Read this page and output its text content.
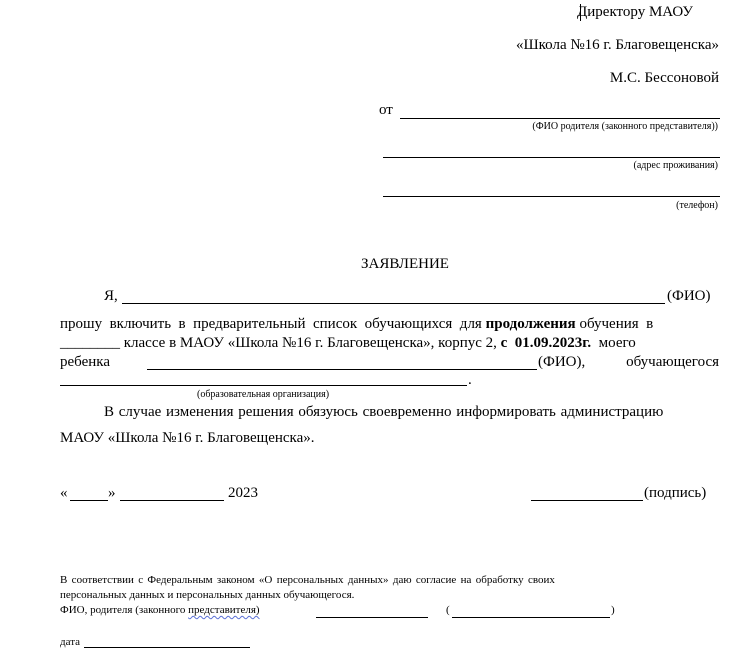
Директору МАОУ
«Школа №16 г. Благовещенска»
М.С. Бессоновой
от
(ФИО родителя (законного представителя))
(адрес проживания)
(телефон)
ЗАЯВЛЕНИЕ
Я,	(ФИО)
прошу  включить  в  предварительный  список  обучающихся  для продолжения обучения  в
________ классе в МАОУ «Школа №16 г. Благовещенска», корпус 2, с  01.09.2023г.  моего
ребенка	(ФИО),	обучающегося
.
(образовательная организация)
В случае изменения решения обязуюсь своевременно информировать администрацию
МАОУ «Школа №16 г. Благовещенска».
«	»	2023	(подпись)
В соответствии с Федеральным законом «О персональных данных» даю согласие на обработку своих
персональных данных и персональных данных обучающегося.
ФИО, родителя (законного представителя)	(	)
дата
